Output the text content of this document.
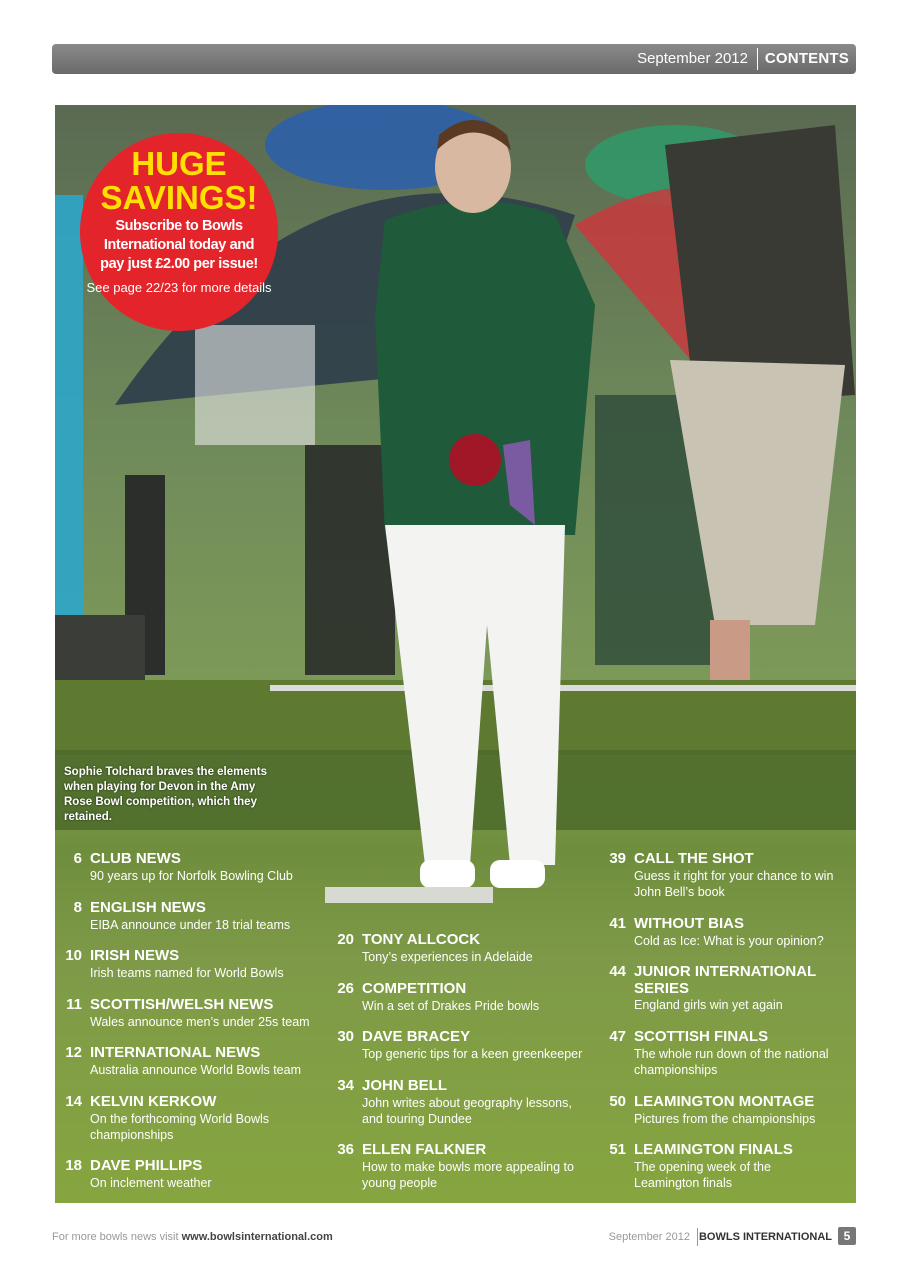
September 2012 CONTENTS
HUGE SAVINGS!
Subscribe to Bowls International today and pay just £2.00 per issue!
See page 22/23 for more details
Sophie Tolchard braves the elements when playing for Devon in the Amy Rose Bowl competition, which they retained.
6 CLUB NEWS
90 years up for Norfolk Bowling Club
8 ENGLISH NEWS
EIBA announce under 18 trial teams
10 IRISH NEWS
Irish teams named for World Bowls
11 SCOTTISH/WELSH NEWS
Wales announce men’s under 25s team
12 INTERNATIONAL NEWS
Australia announce World Bowls team
14 KELVIN KERKOW
On the forthcoming World Bowls championships
18 DAVE PHILLIPS
On inclement weather
20 TONY ALLCOCK
Tony’s experiences in Adelaide
26 COMPETITION
Win a set of Drakes Pride bowls
30 DAVE BRACEY
Top generic tips for a keen greenkeeper
34 JOHN BELL
John writes about geography lessons, and touring Dundee
36 ELLEN FALKNER
How to make bowls more appealing to young people
39 CALL THE SHOT
Guess it right for your chance to win John Bell’s book
41 WITHOUT BIAS
Cold as Ice: What is your opinion?
44 JUNIOR INTERNATIONAL SERIES
England girls win yet again
47 SCOTTISH FINALS
The whole run down of the national championships
50 LEAMINGTON MONTAGE
Pictures from the championships
51 LEAMINGTON FINALS
The opening week of the Leamington finals
For more bowls news visit www.bowlsinternational.com	September 2012 BOWLS INTERNATIONAL 5
